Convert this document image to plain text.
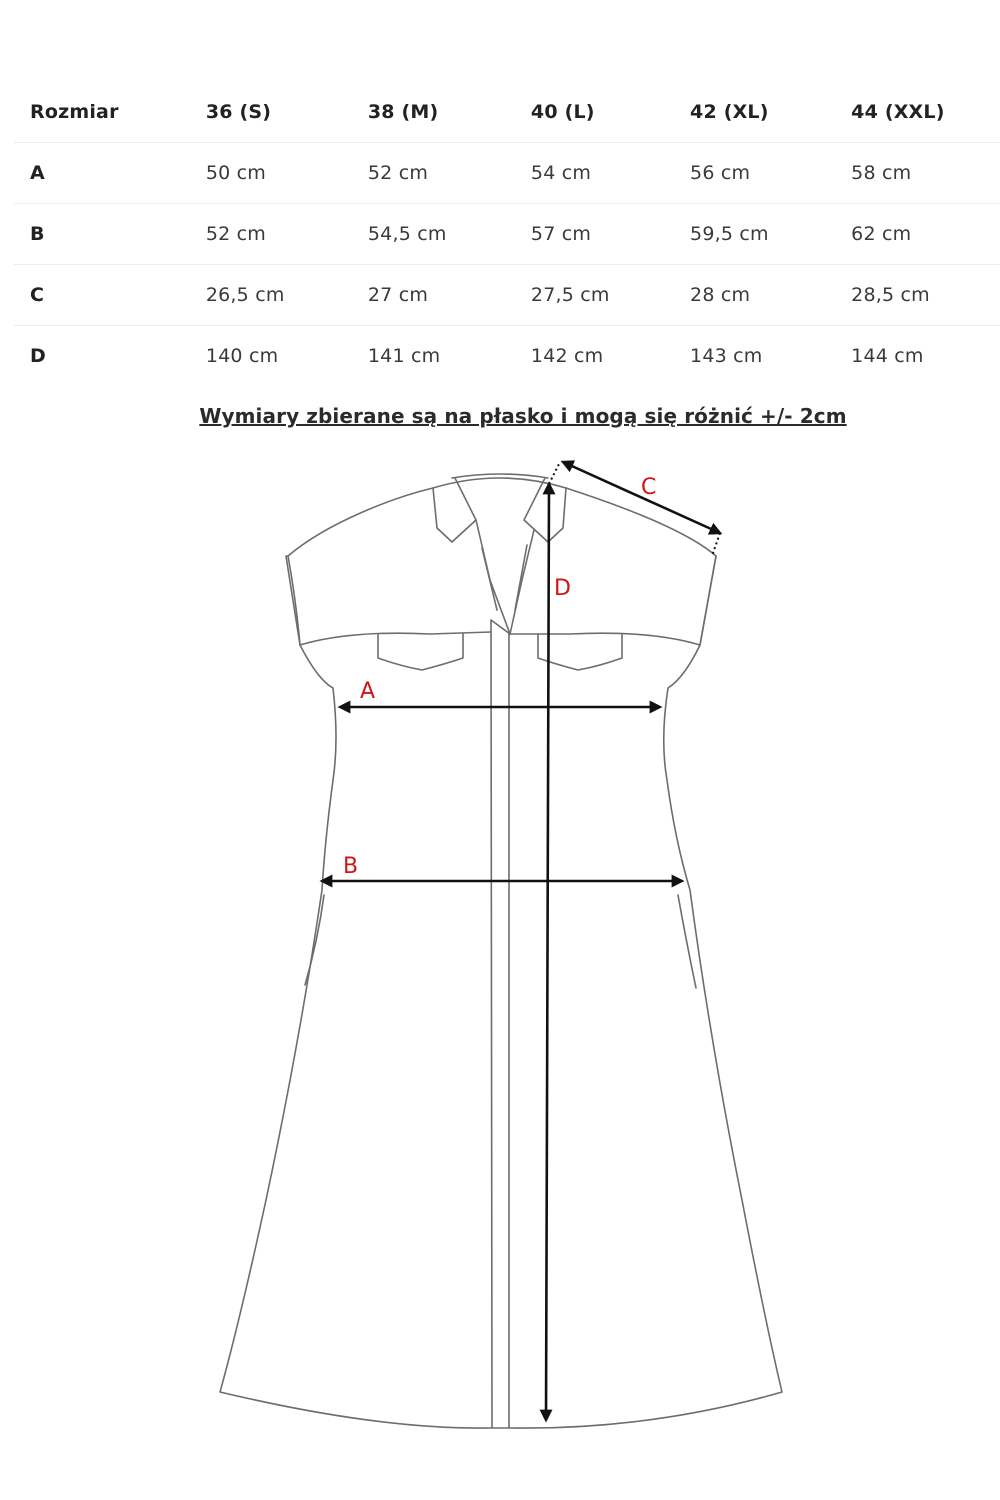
Rozmiar	36 (S)	38 (M)	40 (L)	42 (XL)	44 (XXL)
A	50 cm	52 cm	54 cm	56 cm	58 cm
B	52 cm	54,5 cm	57 cm	59,5 cm	62 cm
C	26,5 cm	27 cm	27,5 cm	28 cm	28,5 cm
D	140 cm	141 cm	142 cm	143 cm	144 cm
Wymiary zbierane są na płasko i mogą się różnić +/- 2cm
A
B
C
D
